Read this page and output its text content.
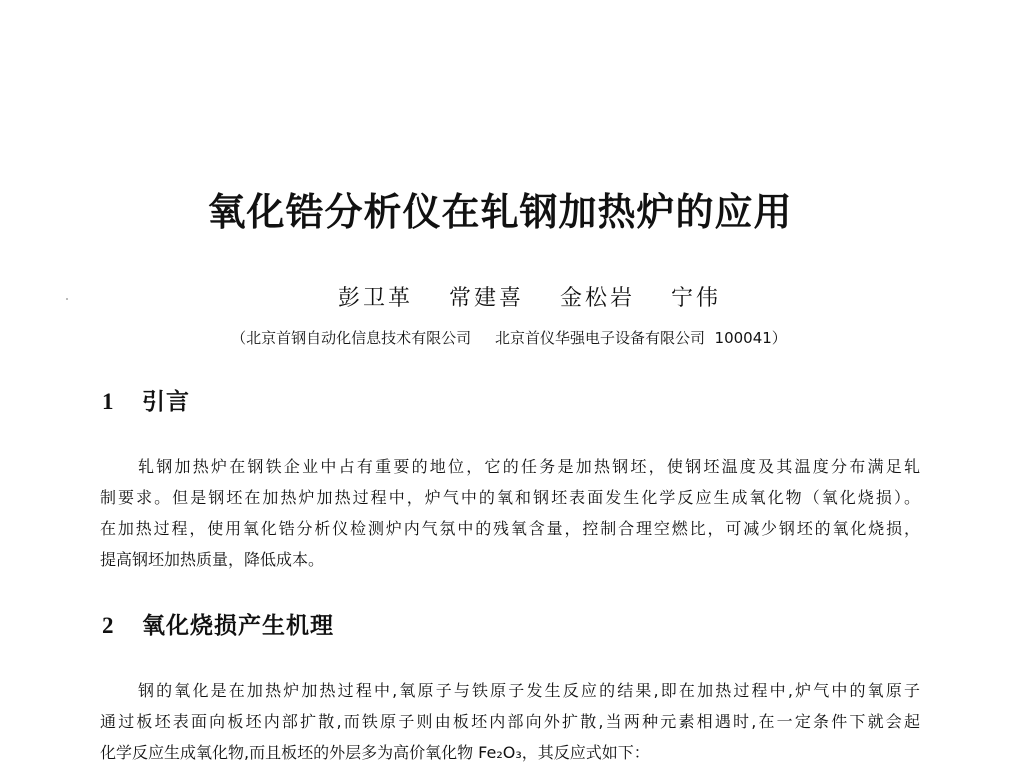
氧化锆分析仪在轧钢加热炉的应用
彭卫革 常建喜 金松岩 宁伟
（北京首钢自动化信息技术有限公司     北京首仪华强电子设备有限公司  100041）
1	引言

轧钢加热炉在钢铁企业中占有重要的地位，它的任务是加热钢坯，使钢坯温度及其温度分布满足轧
制要求。但是钢坯在加热炉加热过程中，炉气中的氧和钢坯表面发生化学反应生成氧化物（氧化烧损）。
在加热过程，使用氧化锆分析仪检测炉内气氛中的残氧含量，控制合理空燃比，可减少钢坯的氧化烧损，
提高钢坯加热质量，降低成本。

2	氧化烧损产生机理

钢的氧化是在加热炉加热过程中,氧原子与铁原子发生反应的结果,即在加热过程中,炉气中的氧原子
通过板坯表面向板坯内部扩散,而铁原子则由板坯内部向外扩散,当两种元素相遇时,在一定条件下就会起
化学反应生成氧化物,而且板坯的外层多为高价氧化物 Fe₂O₃，其反应式如下：
